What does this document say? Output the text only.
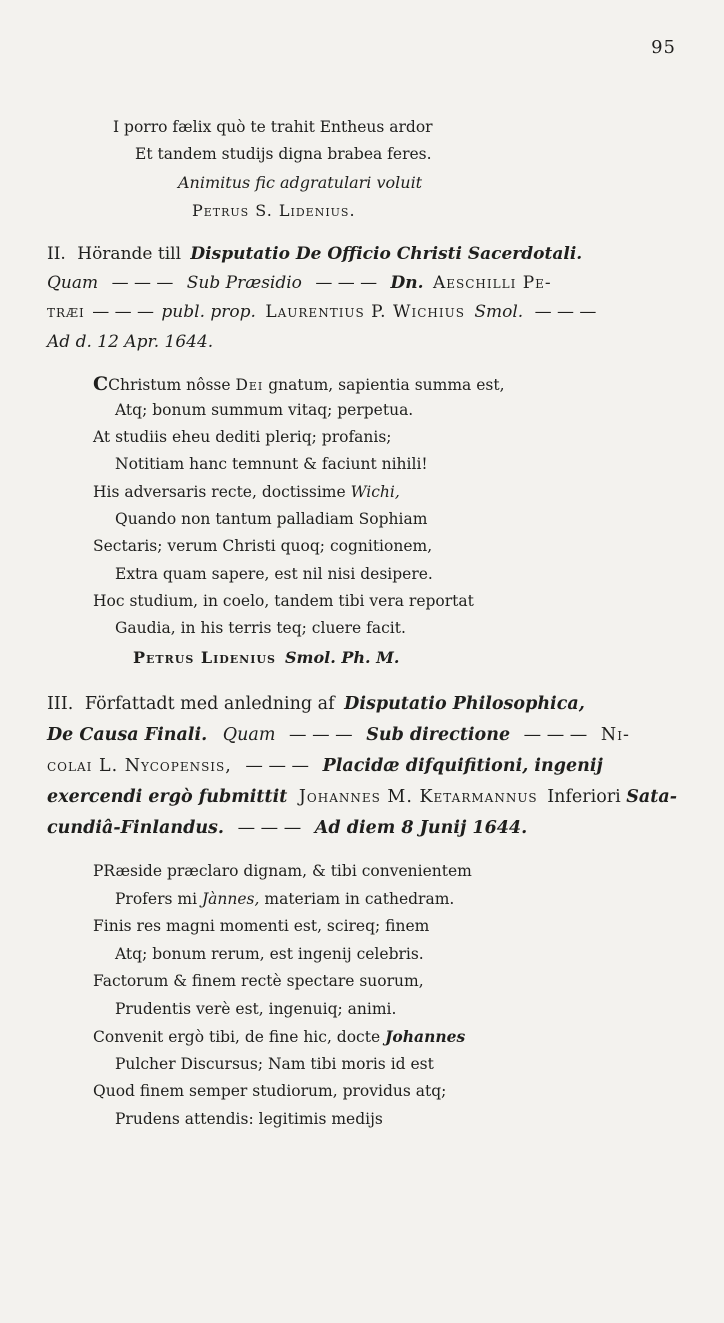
95

I porro fælix quò te trahit Entheus ardor

Et tandem studijs digna brabea feres.

Animitus fic adgratulari voluit

Petrus S. Lidenius.

II. Hörande till Disputatio De Officio Christi Sacerdotali.

Quam — — — Sub Præsidio — — — Dn. Aeschilli Pe-

træi — — — publ. prop. Laurentius P. Wichius Smol. — — —

Ad d. 12 Apr. 1644.

CChristum nôsse Dei gnatum, sapientia summa est,

Atq; bonum summum vitaq; perpetua.

At studiis eheu dediti pleriq; profanis;

Notitiam hanc temnunt & faciunt nihili!

His adversaris recte, doctissime Wichi,

Quando non tantum palladiam Sophiam

Sectaris; verum Christi quoq; cognitionem,

Extra quam sapere, est nil nisi desipere.

Hoc studium, in coelo, tandem tibi vera reportat

Gaudia, in his terris teq; cluere facit.

Petrus Lidenius Smol. Ph. M.

III. Författadt med anledning af Disputatio Philosophica,

De Causa Finali. Quam — — — Sub directione — — — Ni-

colai L. Nycopensis, — — — Placidæ difquifitioni, ingenij

exercendi ergò fubmittit Johannes M. Ketarmannus Inferiori Sata-

cundiâ-Finlandus. — — — Ad diem 8 Junij 1644.

PRæside præclaro dignam, & tibi convenientem

Profers mi Jànnes, materiam in cathedram.

Finis res magni momenti est, scireq; finem

Atq; bonum rerum, est ingenij celebris.

Factorum & finem rectè spectare suorum,

Prudentis verè est, ingenuiq; animi.

Convenit ergò tibi, de fine hic, docte Johannes

Pulcher Discursus; Nam tibi moris id est

Quod finem semper studiorum, providus atq;

Prudens attendis: legitimis medijs
